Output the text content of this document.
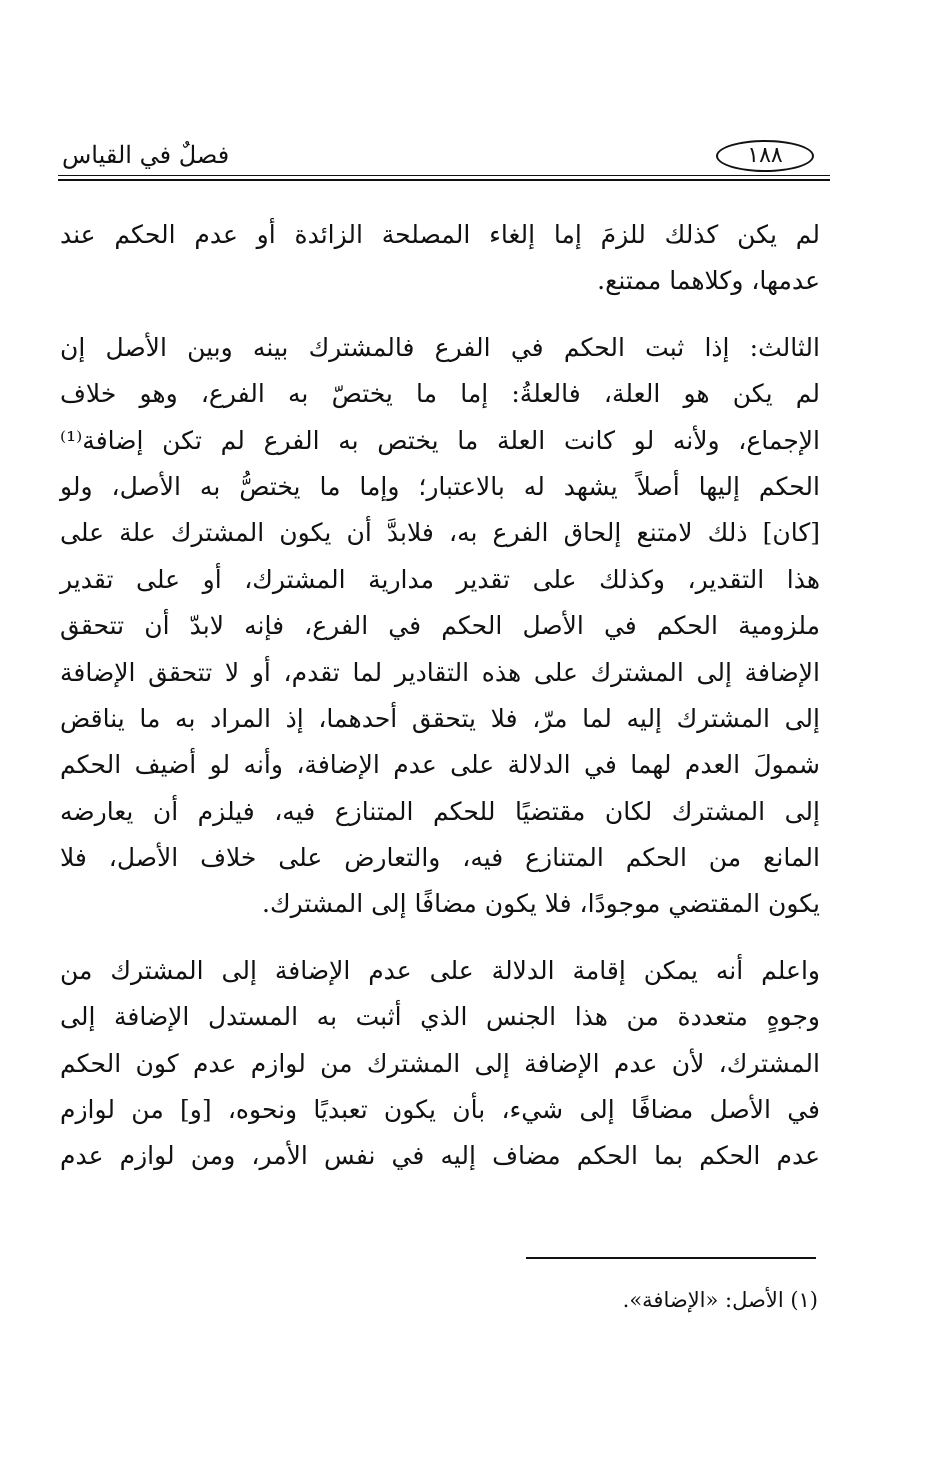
فصلٌ في القياس	١٨٨
لم يكن كذلك للزمَ إما إلغاء المصلحة الزائدة أو عدم الحكم عند
عدمها، وكلاهما ممتنع.
الثالث: إذا ثبت الحكم في الفرع فالمشترك بينه وبين الأصل إن
لم يكن هو العلة، فالعلةُ: إما ما يختصّ به الفرع، وهو خلاف
الإجماع، ولأنه لو كانت العلة ما يختص به الفرع لم تكن إضافة⁽¹⁾
الحكم إليها أصلاً يشهد له بالاعتبار؛ وإما ما يختصُّ به الأصل، ولو
[كان] ذلك لامتنع إلحاق الفرع به، فلابدَّ أن يكون المشترك علة على
هذا التقدير، وكذلك على تقدير مدارية المشترك، أو على تقدير
ملزومية الحكم في الأصل الحكم في الفرع، فإنه لابدّ أن تتحقق
الإضافة إلى المشترك على هذه التقادير لما تقدم، أو لا تتحقق الإضافة
إلى المشترك إليه لما مرّ، فلا يتحقق أحدهما، إذ المراد به ما يناقض
شمولَ العدم لهما في الدلالة على عدم الإضافة، وأنه لو أضيف الحكم
إلى المشترك لكان مقتضيًا للحكم المتنازع فيه، فيلزم أن يعارضه
المانع من الحكم المتنازع فيه، والتعارض على خلاف الأصل، فلا
يكون المقتضي موجودًا، فلا يكون مضافًا إلى المشترك.
واعلم أنه يمكن إقامة الدلالة على عدم الإضافة إلى المشترك من
وجوهٍ متعددة من هذا الجنس الذي أثبت به المستدل الإضافة إلى
المشترك، لأن عدم الإضافة إلى المشترك من لوازم عدم كون الحكم
في الأصل مضافًا إلى شيء، بأن يكون تعبديًا ونحوه، [و] من لوازم
عدم الحكم بما الحكم مضاف إليه في نفس الأمر، ومن لوازم عدم
(١) الأصل: «الإضافة».
